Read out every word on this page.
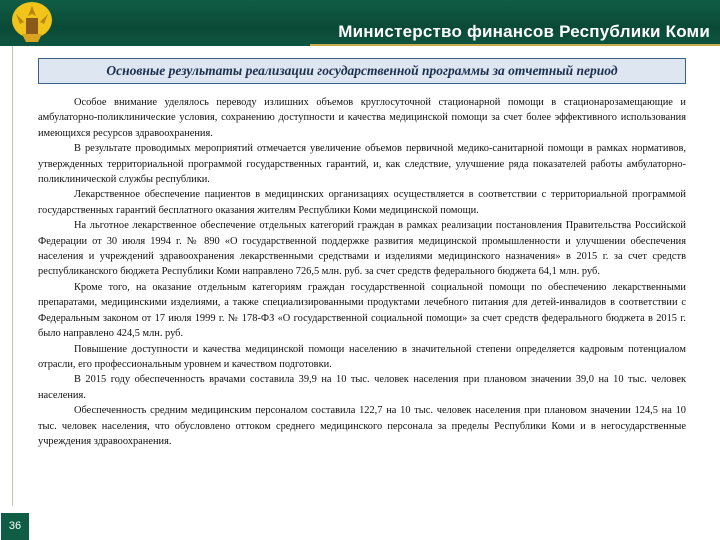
Министерство финансов Республики Коми
Основные результаты реализации государственной программы за отчетный период

Особое внимание уделялось переводу излишних объемов круглосуточной стационарной помощи в стационарозамещающие и амбулаторно-поликлинические условия, сохранению доступности и качества медицинской помощи за счет более эффективного использования имеющихся ресурсов здравоохранения.

В результате проводимых мероприятий отмечается увеличение объемов первичной медико-санитарной помощи в рамках нормативов, утвержденных территориальной программой государственных гарантий, и, как следствие, улучшение ряда показателей работы амбулаторно-поликлинической службы республики.

Лекарственное обеспечение пациентов в медицинских организациях осуществляется в соответствии с территориальной программой государственных гарантий бесплатного оказания жителям Республики Коми медицинской помощи.

На льготное лекарственное обеспечение отдельных категорий граждан в рамках реализации постановления Правительства Российской Федерации от 30 июля 1994 г. № 890 «О государственной поддержке развития медицинской промышленности и улучшении обеспечения населения и учреждений здравоохранения лекарственными средствами и изделиями медицинского назначения» в 2015 г. за счет средств республиканского бюджета Республики Коми направлено 726,5 млн. руб. за счет средств федерального бюджета 64,1 млн. руб.

Кроме того, на оказание отдельным категориям граждан государственной социальной помощи по обеспечению лекарственными препаратами, медицинскими изделиями, а также специализированными продуктами лечебного питания для детей-инвалидов в соответствии с Федеральным законом от 17 июля 1999 г. № 178-ФЗ «О государственной социальной помощи» за счет средств федерального бюджета в 2015 г. было направлено 424,5 млн. руб.

Повышение доступности и качества медицинской помощи населению в значительной степени определяется кадровым потенциалом отрасли, его профессиональным уровнем и качеством подготовки.

В 2015 году обеспеченность врачами составила 39,9 на 10 тыс. человек населения при плановом значении 39,0 на 10 тыс. человек населения.

Обеспеченность средним медицинским персоналом составила 122,7 на 10 тыс. человек населения при плановом значении 124,5 на 10 тыс. человек населения, что обусловлено оттоком среднего медицинского персонала за пределы Республики Коми и в негосударственные учреждения здравоохранения.

36
